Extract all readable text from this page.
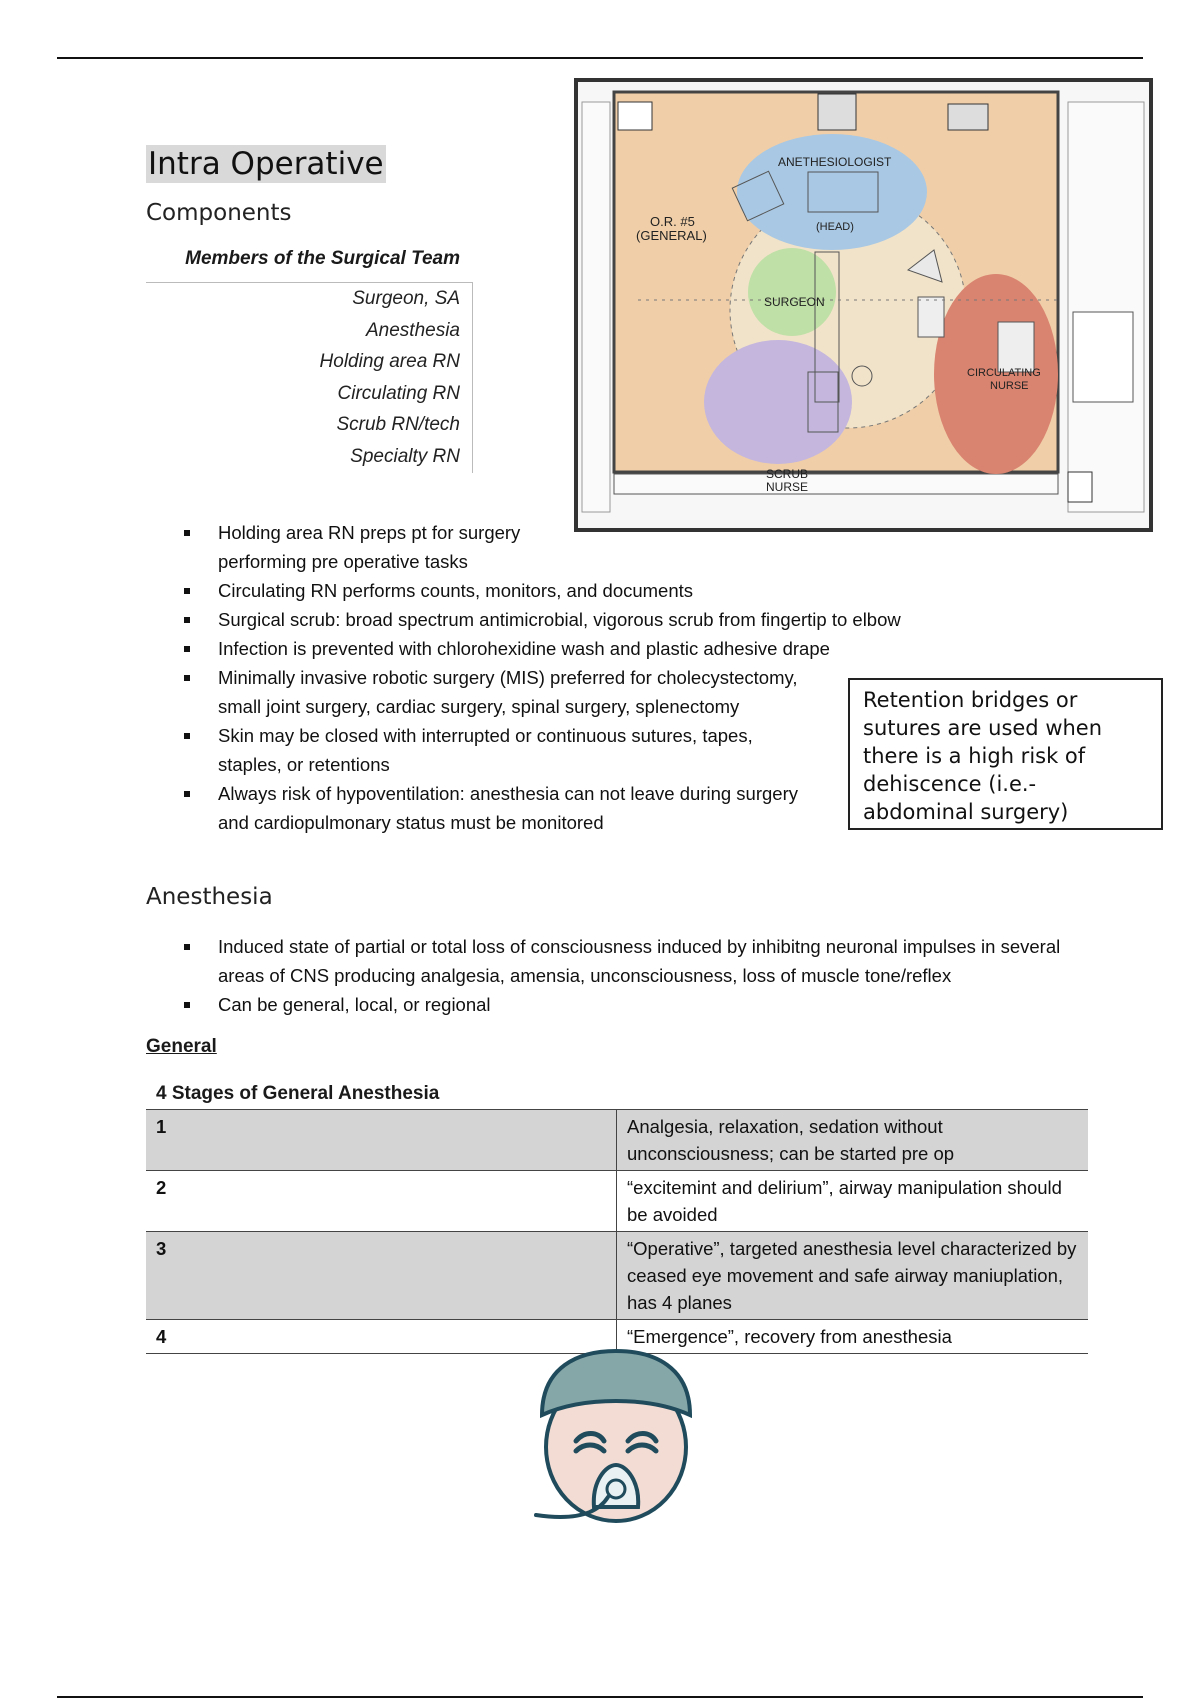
Intra Operative
Components
Members of the Surgical Team
Surgeon, SA
Anesthesia
Holding area RN
Circulating RN
Scrub RN/tech
Specialty RN
O.R. #5
(GENERAL)
ANETHESIOLOGIST
(HEAD)
SURGEON
CIRCULATING
NURSE
SCRUB
NURSE
Holding area RN preps pt for surgery performing pre operative tasks
Circulating RN performs counts, monitors, and documents
Surgical scrub: broad spectrum antimicrobial, vigorous scrub from fingertip to elbow
Infection is prevented with chlorohexidine wash and plastic adhesive drape
Minimally invasive robotic surgery (MIS) preferred for cholecystectomy, small joint surgery, cardiac surgery, spinal surgery, splenectomy
Skin may be closed with interrupted or continuous sutures, tapes, staples, or retentions
Always risk of hypoventilation: anesthesia can not leave during surgery and cardiopulmonary status must be monitored
Retention bridges or sutures are used when there is a high risk of dehiscence (i.e.- abdominal surgery)
Anesthesia
Induced state of partial or total loss of consciousness induced by inhibitng neuronal impulses in several areas of CNS producing analgesia, amensia, unconsciousness, loss of muscle tone/reflex
Can be general, local, or regional
General
4 Stages of General Anesthesia
1	Analgesia, relaxation, sedation without unconsciousness; can be started pre op
2	“excitemint and delirium”, airway manipulation should be avoided
3	“Operative”, targeted anesthesia level characterized by ceased eye movement and safe airway maniuplation, has 4 planes
4	“Emergence”, recovery from anesthesia
